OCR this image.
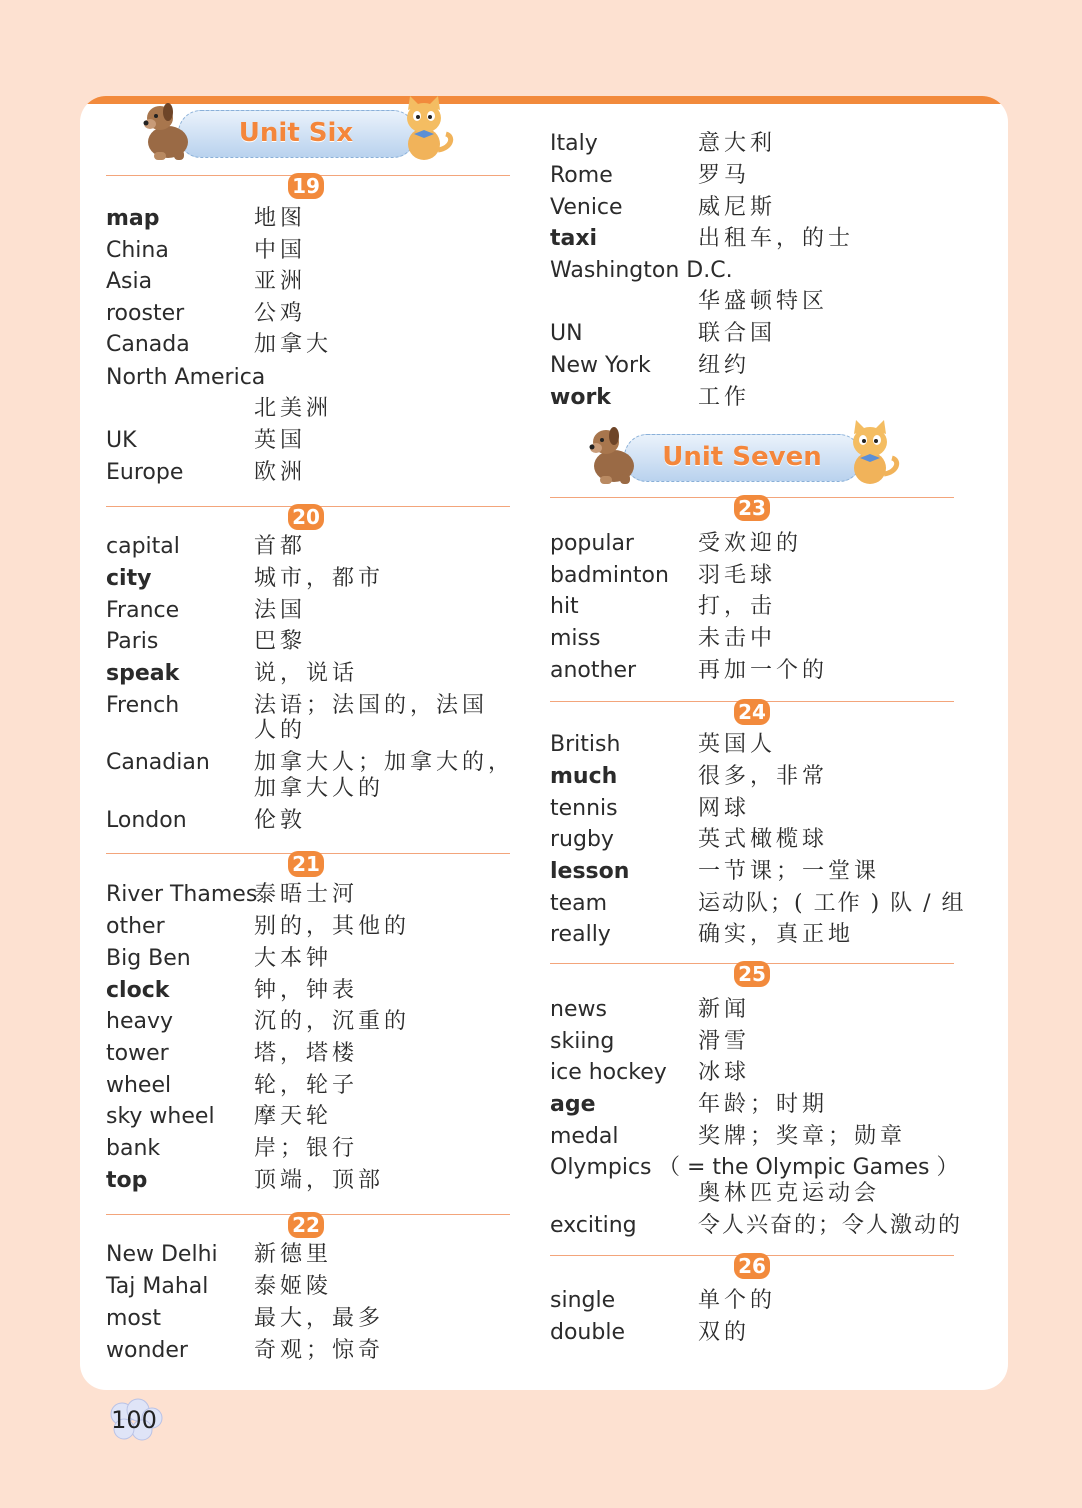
Unit Six
19
map	地图
China	中国
Asia	亚洲
rooster	公鸡
Canada	加拿大
North America
北美洲
UK	英国
Europe	欧洲
20
capital	首都
city	城市，都市
France	法国
Paris	巴黎
speak	说，说话
French	法语；法国的，法国
人的
Canadian 加拿大人；加拿大的，
加拿大人的
London	伦敦
21
River Thames
泰晤士河
other	别的，其他的
Big Ben	大本钟
clock	钟，钟表
heavy	沉的，沉重的
tower	塔，塔楼
wheel	轮，轮子
sky wheel 摩天轮
bank	岸；银行
top	顶端，顶部
22
New Delhi 新德里
Taj Mahal 泰姬陵
most	最大，最多
wonder	奇观；惊奇
Italy	意大利
Rome	罗马
Venice	威尼斯
taxi	出租车，的士
Washington D.C.
华盛顿特区
UN	联合国
New York 纽约
work	工作
Unit Seven
23
popular	受欢迎的
badminton 羽毛球
hit	打，击
miss	未击中
another	再加一个的
24
British	英国人
much	很多，非常
tennis	网球
rugby	英式橄榄球
lesson	一节课；一堂课
team	运动队；( 工作 ) 队 / 组
really	确实，真正地
25
news	新闻
skiing	滑雪
ice hockey 冰球
age	年龄；时期
medal	奖牌；奖章；勋章
Olympics （ = the Olympic Games ）
奥林匹克运动会
exciting	令人兴奋的；令人激动的
26
single	单个的
double	双的
100
